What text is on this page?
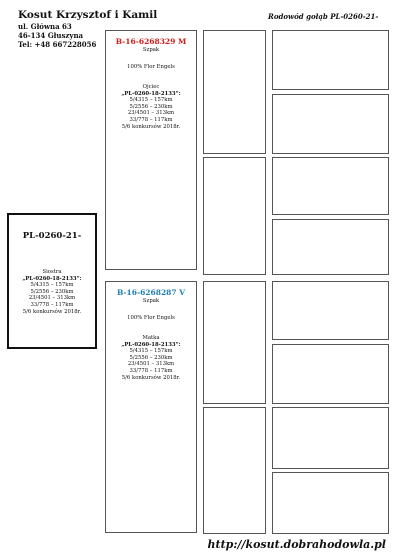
Kosut Krzysztof i Kamil
ul. Główna 63
46-134 Głuszyna
Tel: +48 667228056
Rodowód gołąb PL-0260-21-
PL-0260-21-
Siostra
„PL-0260-18-2133”:
5/4315 – 157km
5/2556 – 230km
23/4501 – 313km
33/778 – 117km
5/6 konkursów 2018r.
B-16-6268329 M
Szpak
100% Flor Engels
Ojciec
„PL-0260-18-2133”:
5/4315 – 157km
5/2556 – 230km
23/4501 – 313km
33/778 – 117km
5/6 konkursów 2018r.
B-16-6268287 V
Szpak
100% Flor Engels
Matka
„PL-0260-18-2133”:
5/4315 – 157km
5/2556 – 230km
23/4501 – 313km
33/778 – 117km
5/6 konkursów 2018r.
http://kosut.dobrahodowla.pl
